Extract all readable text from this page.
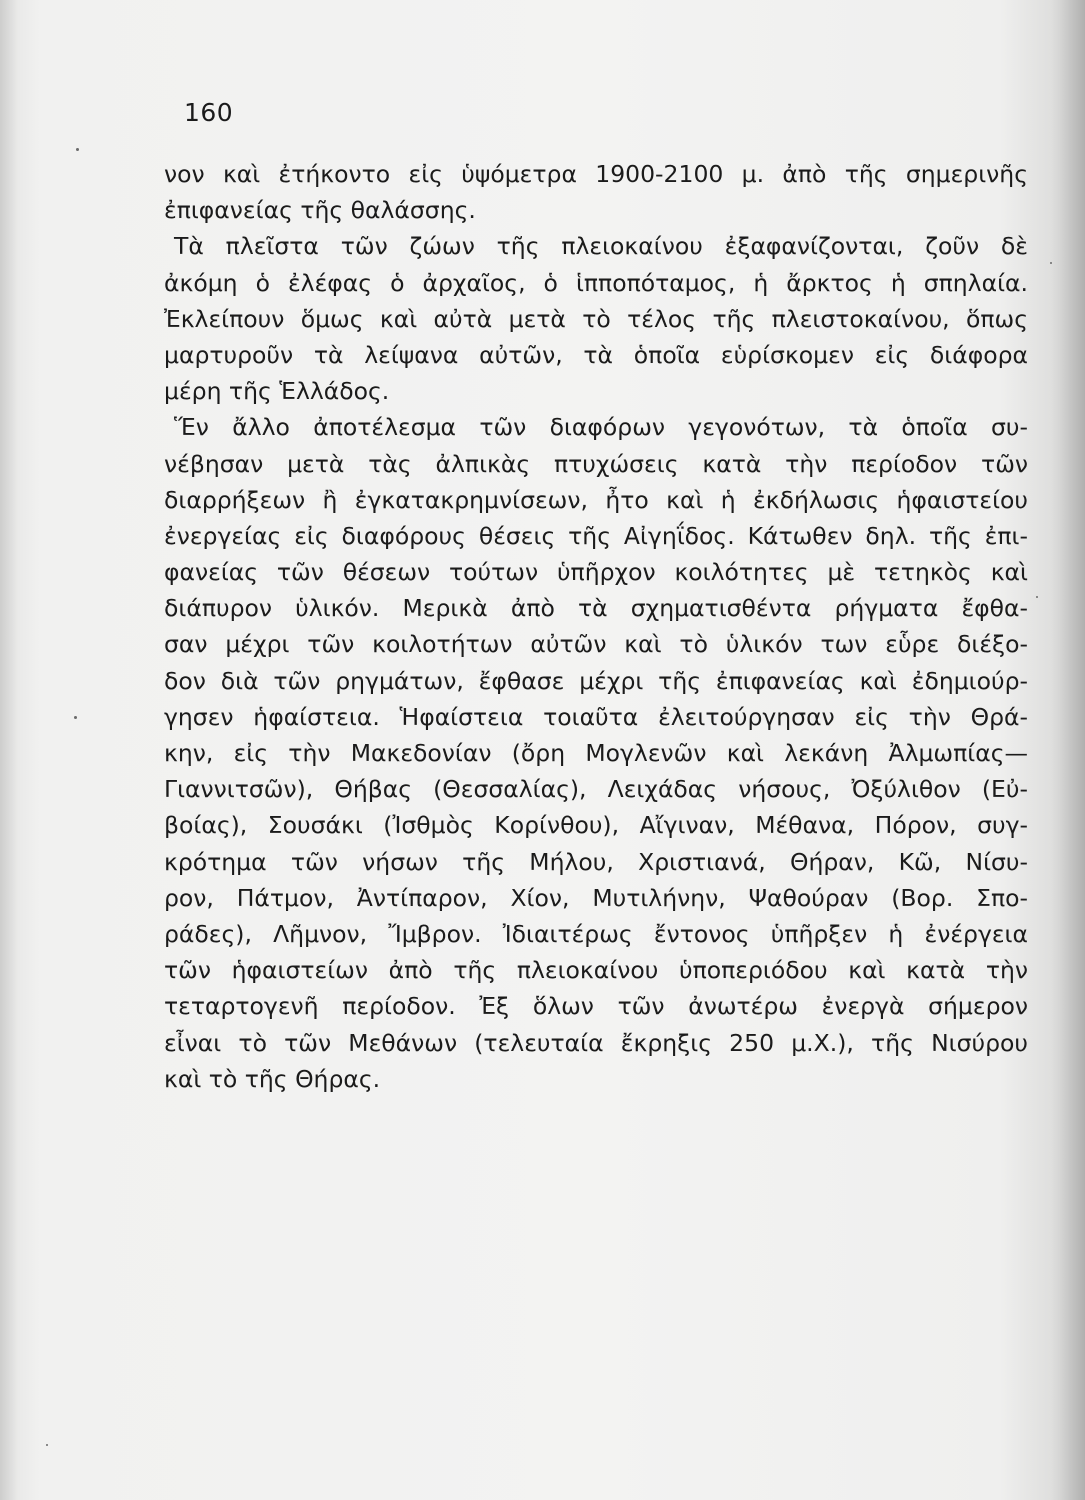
160
νον καὶ ἐτήκοντο εἰς ὑψόμετρα 1900-2100 μ. ἀπὸ τῆς σημερινῆς
ἐπιφανείας τῆς θαλάσσης.
Τὰ πλεῖστα τῶν ζώων τῆς πλειοκαίνου ἐξαφανίζονται, ζοῦν δὲ
ἀκόμη ὁ ἐλέφας ὁ ἀρχαῖος, ὁ ἱπποπόταμος, ἡ ἄρκτος ἡ σπηλαία.
Ἐκλείπουν ὅμως καὶ αὐτὰ μετὰ τὸ τέλος τῆς πλειστοκαίνου, ὅπως
μαρτυροῦν τὰ λείψανα αὐτῶν, τὰ ὁποῖα εὑρίσκομεν εἰς διάφορα
μέρη τῆς Ἑλλάδος.
Ἕν ἄλλο ἀποτέλεσμα τῶν διαφόρων γεγονότων, τὰ ὁποῖα συ-
νέβησαν μετὰ τὰς ἀλπικὰς πτυχώσεις κατὰ τὴν περίοδον τῶν
διαρρήξεων ἢ ἐγκατακρημνίσεων, ἦτο καὶ ἡ ἐκδήλωσις ἡφαιστείου
ἐνεργείας εἰς διαφόρους θέσεις τῆς Αἰγηΐδος. Κάτωθεν δηλ. τῆς ἐπι-
φανείας τῶν θέσεων τούτων ὑπῆρχον κοιλότητες μὲ τετηκὸς καὶ
διάπυρον ὑλικόν. Μερικὰ ἀπὸ τὰ σχηματισθέντα ρήγματα ἔφθα-
σαν μέχρι τῶν κοιλοτήτων αὐτῶν καὶ τὸ ὑλικόν των εὗρε διέξο-
δον διὰ τῶν ρηγμάτων, ἔφθασε μέχρι τῆς ἐπιφανείας καὶ ἐδημιούρ-
γησεν ἡφαίστεια. Ἡφαίστεια τοιαῦτα ἐλειτούργησαν εἰς τὴν Θρά-
κην, εἰς τὴν Μακεδονίαν (ὄρη Μογλενῶν καὶ λεκάνη Ἀλμωπίας—
Γιαννιτσῶν), Θήβας (Θεσσαλίας), Λειχάδας νήσους, Ὀξύλιθον (Εὐ-
βοίας), Σουσάκι (Ἰσθμὸς Κορίνθου), Αἴγιναν, Μέθανα, Πόρον, συγ-
κρότημα τῶν νήσων τῆς Μήλου, Χριστιανά, Θήραν, Κῶ, Νίσυ-
ρον, Πάτμον, Ἀντίπαρον, Χίον, Μυτιλήνην, Ψαθούραν (Βορ. Σπο-
ράδες), Λῆμνον, Ἴμβρον. Ἰδιαιτέρως ἔντονος ὑπῆρξεν ἡ ἐνέργεια
τῶν ἡφαιστείων ἀπὸ τῆς πλειοκαίνου ὑποπεριόδου καὶ κατὰ τὴν
τεταρτογενῆ περίοδον. Ἐξ ὅλων τῶν ἀνωτέρω ἐνεργὰ σήμερον
εἶναι τὸ τῶν Μεθάνων (τελευταία ἔκρηξις 250 μ.Χ.), τῆς Νισύρου
καὶ τὸ τῆς Θήρας.
